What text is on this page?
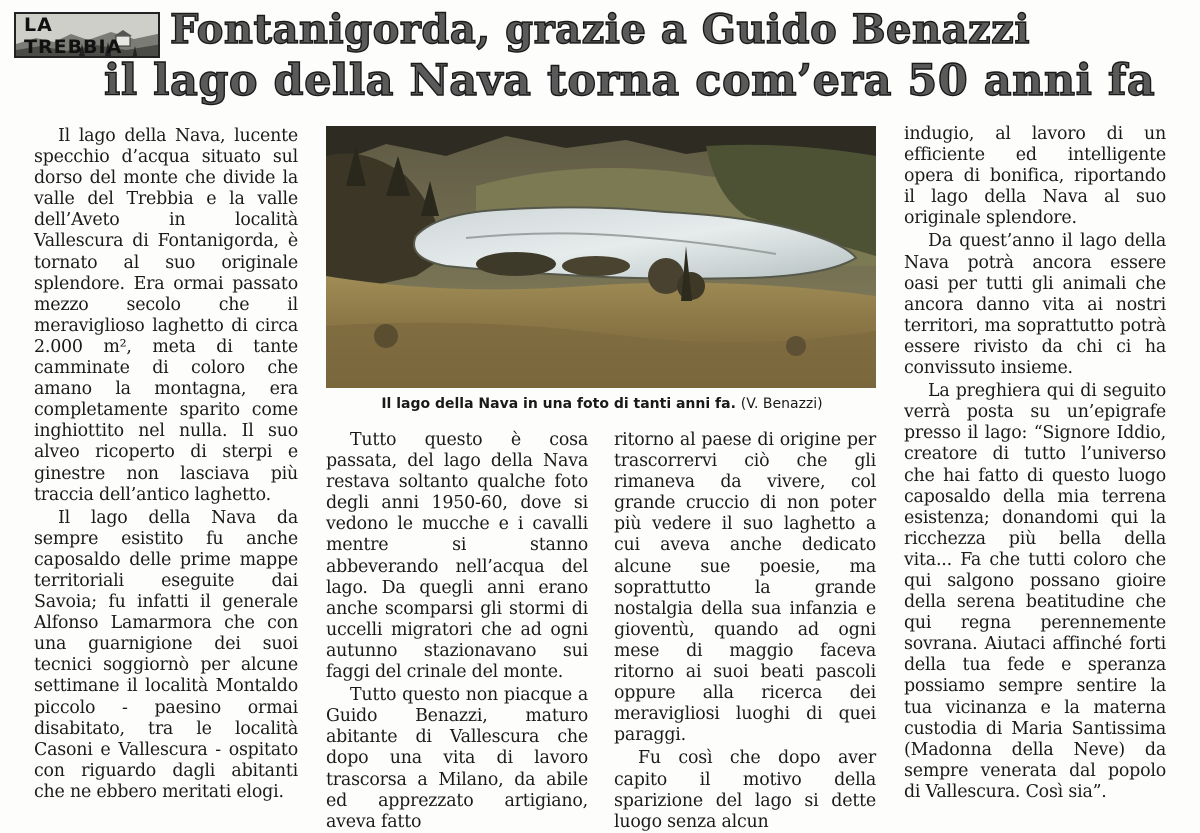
LA TREBBIA	Fontanigorda, grazie a Guido Benazzi
il lago della Nava torna com’era 50 anni fa

Il lago della Nava, lucente specchio d’acqua situato sul dorso del monte che divide la valle del Trebbia e la valle dell’Aveto in località Vallescura di Fontanigorda, è tornato al suo originale splendore. Era ormai passato mezzo secolo che il meraviglioso laghetto di circa 2.000 m², meta di tante camminate di coloro che amano la montagna, era completamente sparito come inghiottito nel nulla. Il suo alveo ricoperto di sterpi e ginestre non lasciava più traccia dell’antico laghetto.

Il lago della Nava da sempre esistito fu anche caposaldo delle prime mappe territoriali eseguite dai Savoia; fu infatti il generale Alfonso Lamarmora che con una guarnigione dei suoi tecnici soggiornò per alcune settimane il località Montaldo piccolo - paesino ormai disabitato, tra le località Casoni e Vallescura - ospitato con riguardo dagli abitanti che ne ebbero meritati elogi.

Il lago della Nava in una foto di tanti anni fa. (V. Benazzi)

Tutto questo è cosa passata, del lago della Nava restava soltanto qualche foto degli anni 1950-60, dove si vedono le mucche e i cavalli mentre si stanno abbeverando nell’acqua del lago. Da quegli anni erano anche scomparsi gli stormi di uccelli migratori che ad ogni autunno stazionavano sui faggi del crinale del monte.

Tutto questo non piacque a Guido Benazzi, maturo abitante di Vallescura che dopo una vita di lavoro trascorsa a Milano, da abile ed apprezzato artigiano, aveva fatto

ritorno al paese di origine per trascorrervi ciò che gli rimaneva da vivere, col grande cruccio di non poter più vedere il suo laghetto a cui aveva anche dedicato alcune sue poesie, ma soprattutto la grande nostalgia della sua infanzia e gioventù, quando ad ogni mese di maggio faceva ritorno ai suoi beati pascoli oppure alla ricerca dei meravigliosi luoghi di quei paraggi.

Fu così che dopo aver capito il motivo della sparizione del lago si dette luogo senza alcun

indugio, al lavoro di un efficiente ed intelligente opera di bonifica, riportando il lago della Nava al suo originale splendore.

Da quest’anno il lago della Nava potrà ancora essere oasi per tutti gli animali che ancora danno vita ai nostri territori, ma soprattutto potrà essere rivisto da chi ci ha convissuto insieme.

La preghiera qui di seguito verrà posta su un’epigrafe presso il lago: “Signore Iddio, creatore di tutto l’universo che hai fatto di questo luogo caposaldo della mia terrena esistenza; donandomi qui la ricchezza più bella della vita... Fa che tutti coloro che qui salgono possano gioire della serena beatitudine che qui regna perennemente sovrana. Aiutaci affinché forti della tua fede e speranza possiamo sempre sentire la tua vicinanza e la materna custodia di Maria Santissima (Madonna della Neve) da sempre venerata dal popolo di Vallescura. Così sia”.
